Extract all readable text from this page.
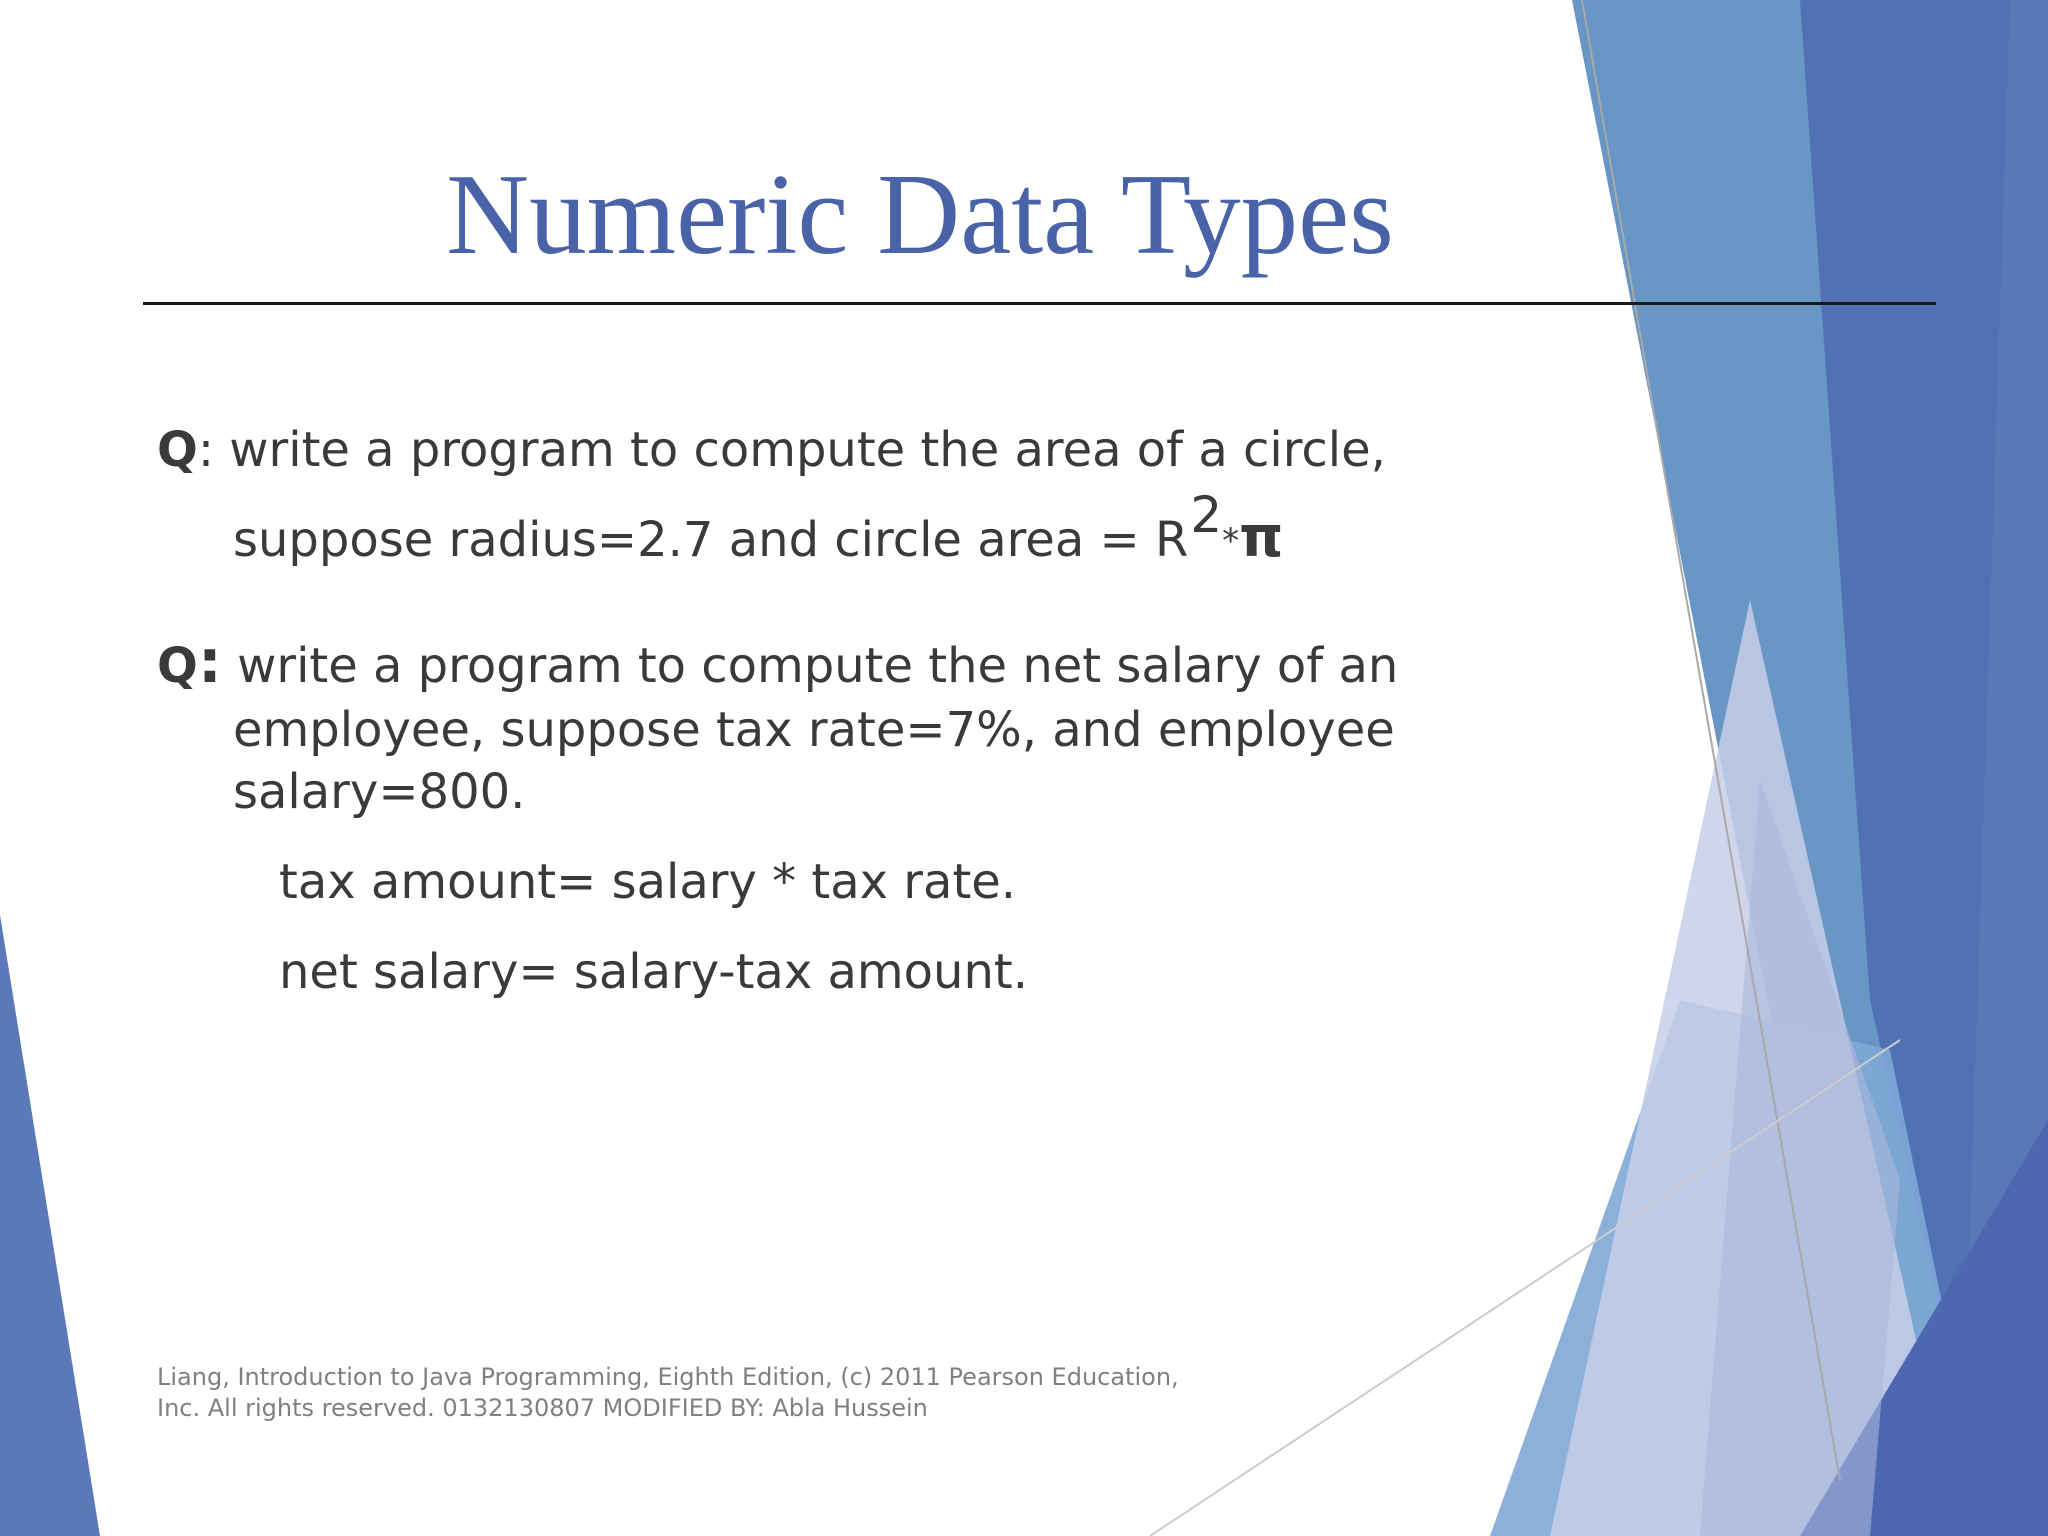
Numeric Data Types
Q: write a program to compute the area of a circle,
suppose radius=2.7 and circle area = R2*π
Q: write a program to compute the net salary of an
employee, suppose tax rate=7%, and employee
salary=800.
tax amount= salary * tax rate.
net salary= salary-tax amount.
Liang, Introduction to Java Programming, Eighth Edition, (c) 2011 Pearson Education,
Inc. All rights reserved. 0132130807 MODIFIED BY: Abla Hussein
